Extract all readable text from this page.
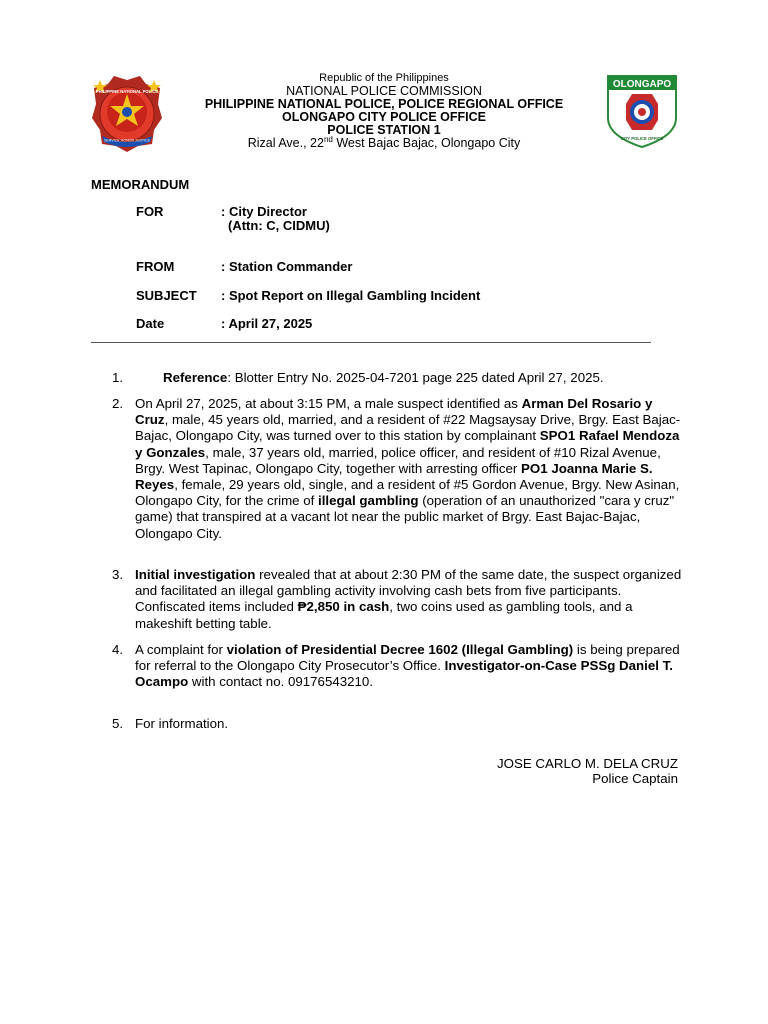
PHILIPPINE NATIONAL POLICE
SERVICE HONOR JUSTICE
OLONGAPO
CITY POLICE OFFICE
Republic of the Philippines
NATIONAL POLICE COMMISSION
PHILIPPINE NATIONAL POLICE, POLICE REGIONAL OFFICE
OLONGAPO CITY POLICE OFFICE
POLICE STATION 1
Rizal Ave., 22nd West Bajac Bajac, Olongapo City
MEMORANDUM
FOR	: City Director
(Attn: C, CIDMU)
FROM	: Station Commander
SUBJECT : Spot Report on Illegal Gambling Incident
Date	: April 27, 2025
1.	Reference: Blotter Entry No. 2025-04-7201 page 225 dated April 27, 2025.
2. On April 27, 2025, at about 3:15 PM, a male suspect identified as Arman Del Rosario y Cruz, male, 45 years old, married, and a resident of #22 Magsaysay Drive, Brgy. East Bajac-Bajac, Olongapo City, was turned over to this station by complainant SPO1 Rafael Mendoza y Gonzales, male, 37 years old, married, police officer, and resident of #10 Rizal Avenue, Brgy. West Tapinac, Olongapo City, together with arresting officer PO1 Joanna Marie S. Reyes, female, 29 years old, single, and a resident of #5 Gordon Avenue, Brgy. New Asinan, Olongapo City, for the crime of illegal gambling (operation of an unauthorized "cara y cruz" game) that transpired at a vacant lot near the public market of Brgy. East Bajac-Bajac, Olongapo City.
3. Initial investigation revealed that at about 2:30 PM of the same date, the suspect organized and facilitated an illegal gambling activity involving cash bets from five participants. Confiscated items included ₱2,850 in cash, two coins used as gambling tools, and a makeshift betting table.
4. A complaint for violation of Presidential Decree 1602 (Illegal Gambling) is being prepared for referral to the Olongapo City Prosecutor’s Office. Investigator-on-Case PSSg Daniel T. Ocampo with contact no. 09176543210.
5. For information.
JOSE CARLO M. DELA CRUZ
Police Captain
